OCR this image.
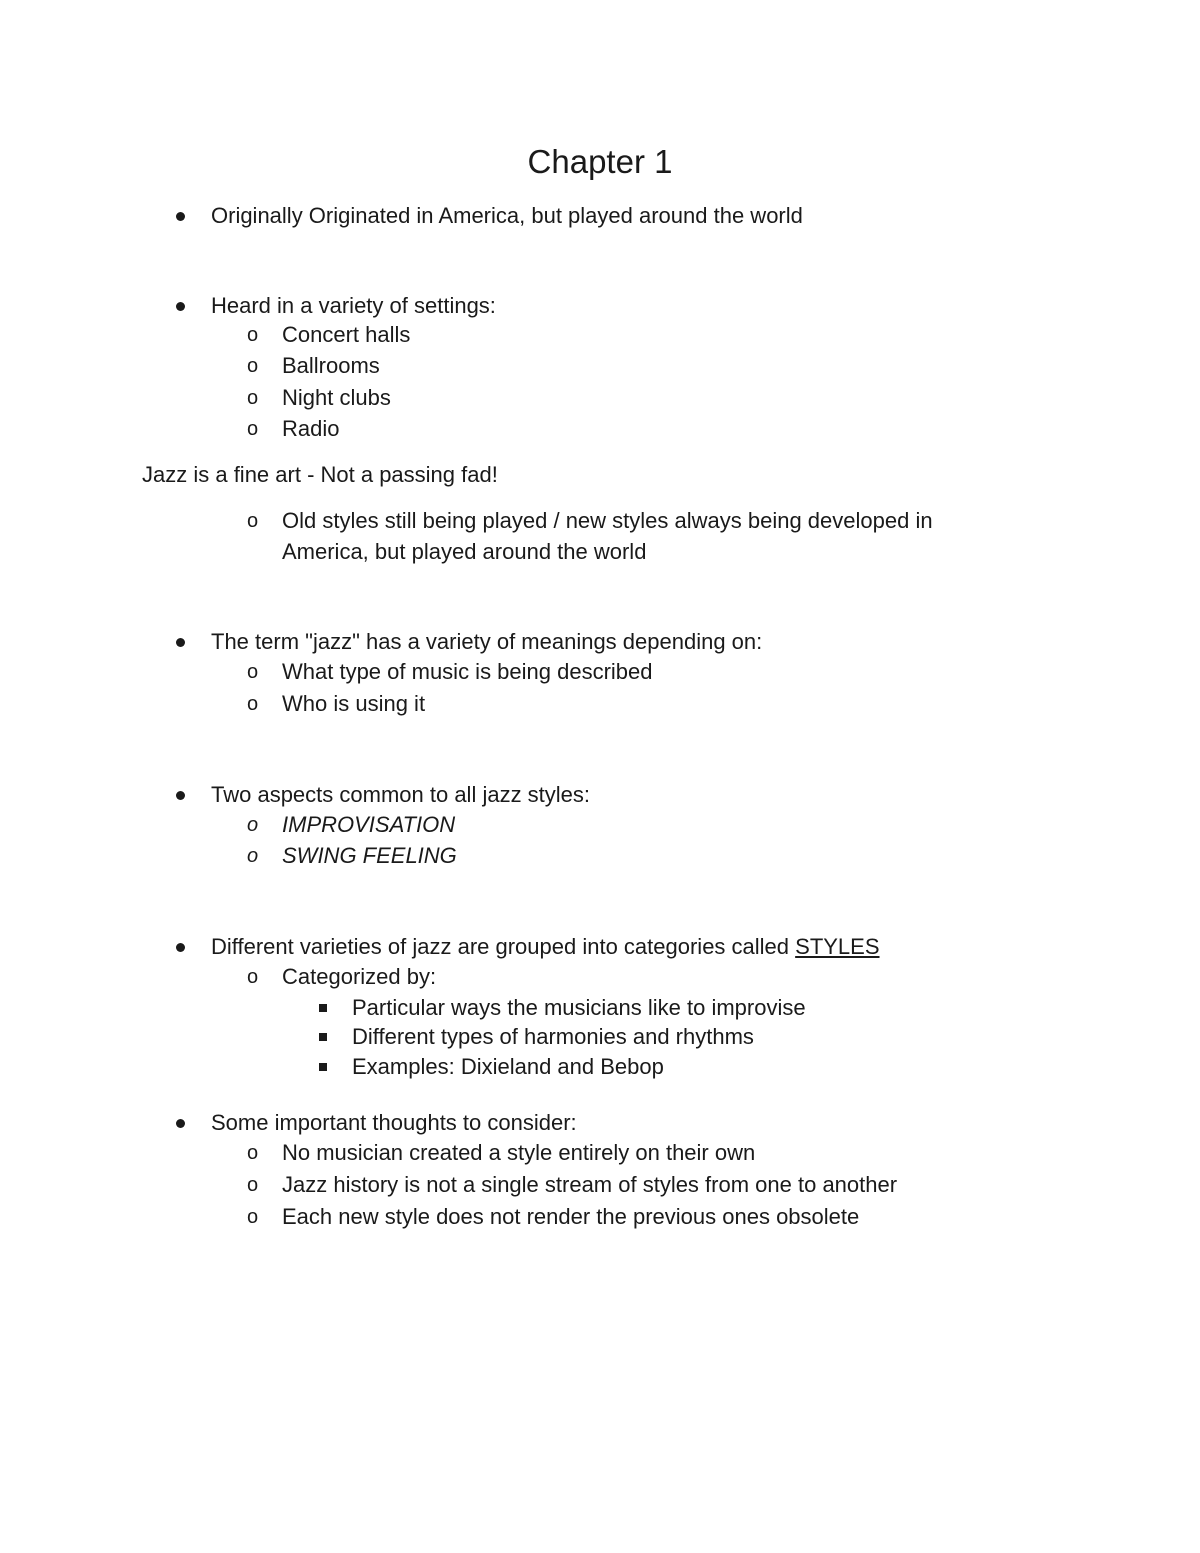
Chapter 1
Originally Originated in America, but played around the world
Heard in a variety of settings:
o Concert halls
o Ballrooms
o Night clubs
o Radio
Jazz is a fine art - Not a passing fad!
o Old styles still being played / new styles always being developed in
America, but played around the world
The term "jazz" has a variety of meanings depending on:
o What type of music is being described
o Who is using it
Two aspects common to all jazz styles:
o IMPROVISATION
o SWING FEELING
Different varieties of jazz are grouped into categories called STYLES
o Categorized by:
Particular ways the musicians like to improvise
Different types of harmonies and rhythms
Examples: Dixieland and Bebop
Some important thoughts to consider:
o No musician created a style entirely on their own
o Jazz history is not a single stream of styles from one to another
o Each new style does not render the previous ones obsolete
